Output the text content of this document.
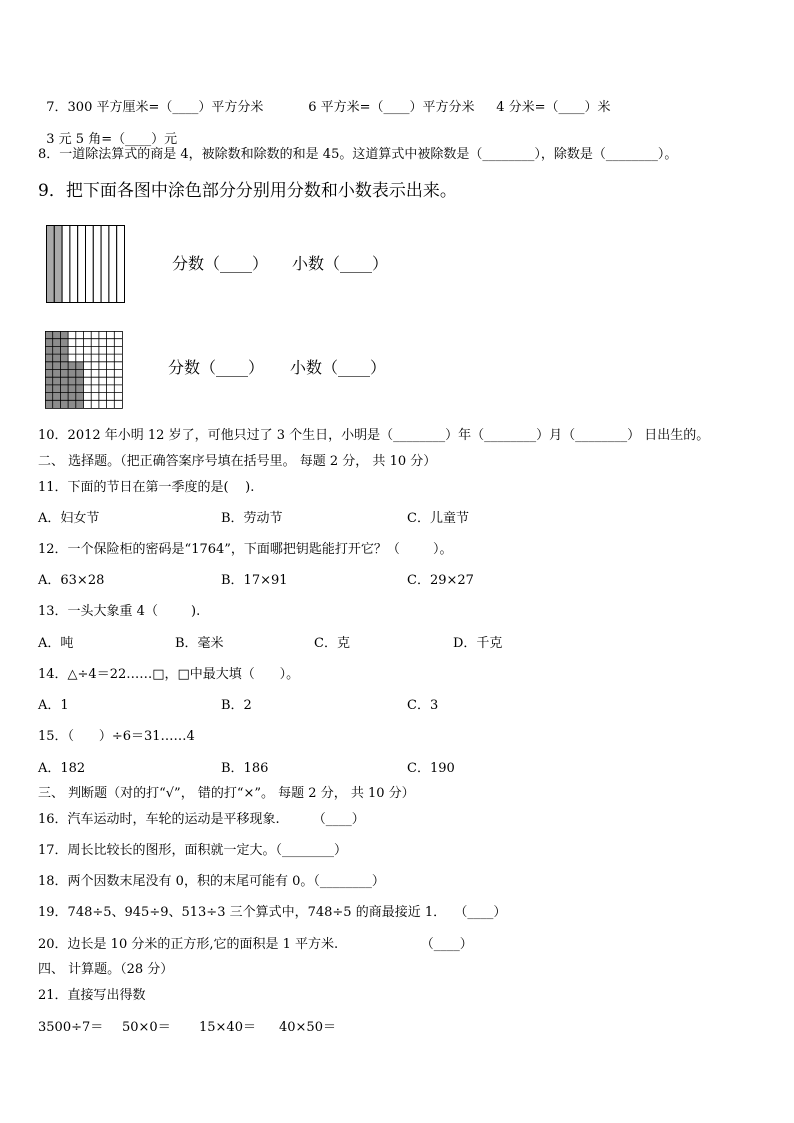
7．300 平方厘米=（____）平方分米	6 平方米=（____）平方分米	4 分米=（____）米

3 元 5 角=（____）元

8．一道除法算式的商是 4，被除数和除数的和是 45。这道算式中被除数是（________），除数是（________）。
9．把下面各图中涂色部分分别用分数和小数表示出来。
分数（____） 小数（____）
分数（____） 小数（____）
10．2012 年小明 12 岁了，可他只过了 3 个生日，小明是（________）年（________）月（________） 日出生的。
二、 选择题。（把正确答案序号填在括号里。 每题 2 分， 共 10 分）
11．下面的节日在第一季度的是(    ).
A．妇女节	B．劳动节	C．儿童节
12．一个保险柜的密码是“1764”，下面哪把钥匙能打开它？（        ）。
A．63×28	B．17×91	C．29×27
13．一头大象重 4（        ).
A．吨	B．毫米	C．克	D．千克
14．△÷4＝22……□，□中最大填（      ）。
A．1	B．2	C．3
15．（      ）÷6＝31……4
A．182	B．186	C．190
三、 判断题（对的打“√”， 错的打“×”。 每题 2 分， 共 10 分）
16．汽车运动时，车轮的运动是平移现象.        （____）
17．周长比较长的图形，面积就一定大。（________）
18．两个因数末尾没有 0，积的末尾可能有 0。（________）
19．748÷5、945÷9、513÷3 三个算式中，748÷5 的商最接近 1．  （____）
20．边长是 10 分米的正方形,它的面积是 1 平方米.                    （____）
四、 计算题。（28 分）
21．直接写出得数
3500÷7＝ 50×0＝ 15×40＝ 40×50＝
